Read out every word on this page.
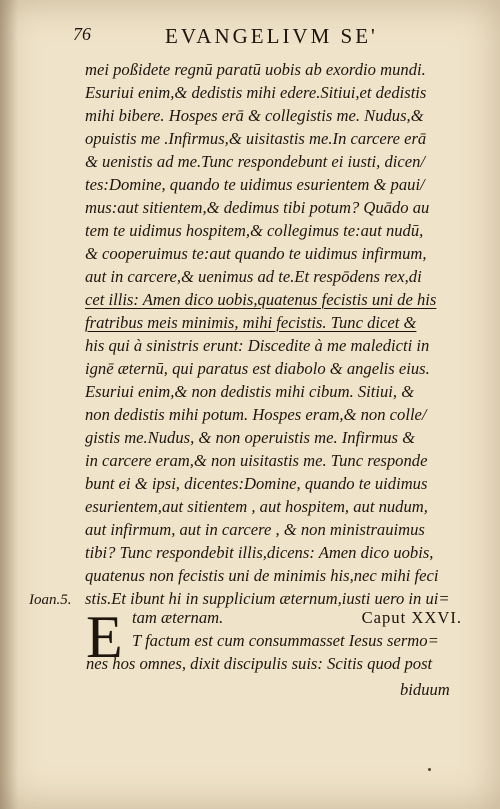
76	EVANGELIVM SE'
mei poßidete regnū paratū uobis ab exordio mundi.
Esuriui enim,& dedistis mihi edere.Sitiui,et dedistis
mihi bibere. Hospes erā & collegistis me. Nudus,&
opuistis me .Infirmus,& uisitastis me.In carcere erā
& uenistis ad me.Tunc respondebunt ei iusti, dicen/
tes:Domine, quando te uidimus esurientem & paui/
mus:aut sitientem,& dedimus tibi potum? Quādo au
tem te uidimus hospitem,& collegimus te:aut nudū,
& cooperuimus te:aut quando te uidimus infirmum,
aut in carcere,& uenimus ad te.Et respōdens rex,di
cet illis: Amen dico uobis,quatenus fecistis uni de his
fratribus meis minimis, mihi fecistis. Tunc dicet &
his qui à sinistris erunt: Discedite à me maledicti in
ignē æternū, qui paratus est diabolo & angelis eius.
Esuriui enim,& non dedistis mihi cibum. Sitiui, &
non dedistis mihi potum. Hospes eram,& non colle/
gistis me.Nudus, & non operuistis me. Infirmus &
in carcere eram,& non uisitastis me. Tunc responde
bunt ei & ipsi, dicentes:Domine, quando te uidimus
esurientem,aut sitientem , aut hospitem, aut nudum,
aut infirmum, aut in carcere , & non ministrauimus
tibi? Tunc respondebit illis,dicens: Amen dico uobis,
quatenus non fecistis uni de minimis his,nec mihi feci
stis.Et ibunt hi in supplicium æternum,iusti uero in ui=
Ioan.5.
E tam æternam.	Caput XXVI.
T factum est cum consummasset Iesus sermo=
nes hos omnes, dixit discipulis suis: Scitis quod post
biduum
